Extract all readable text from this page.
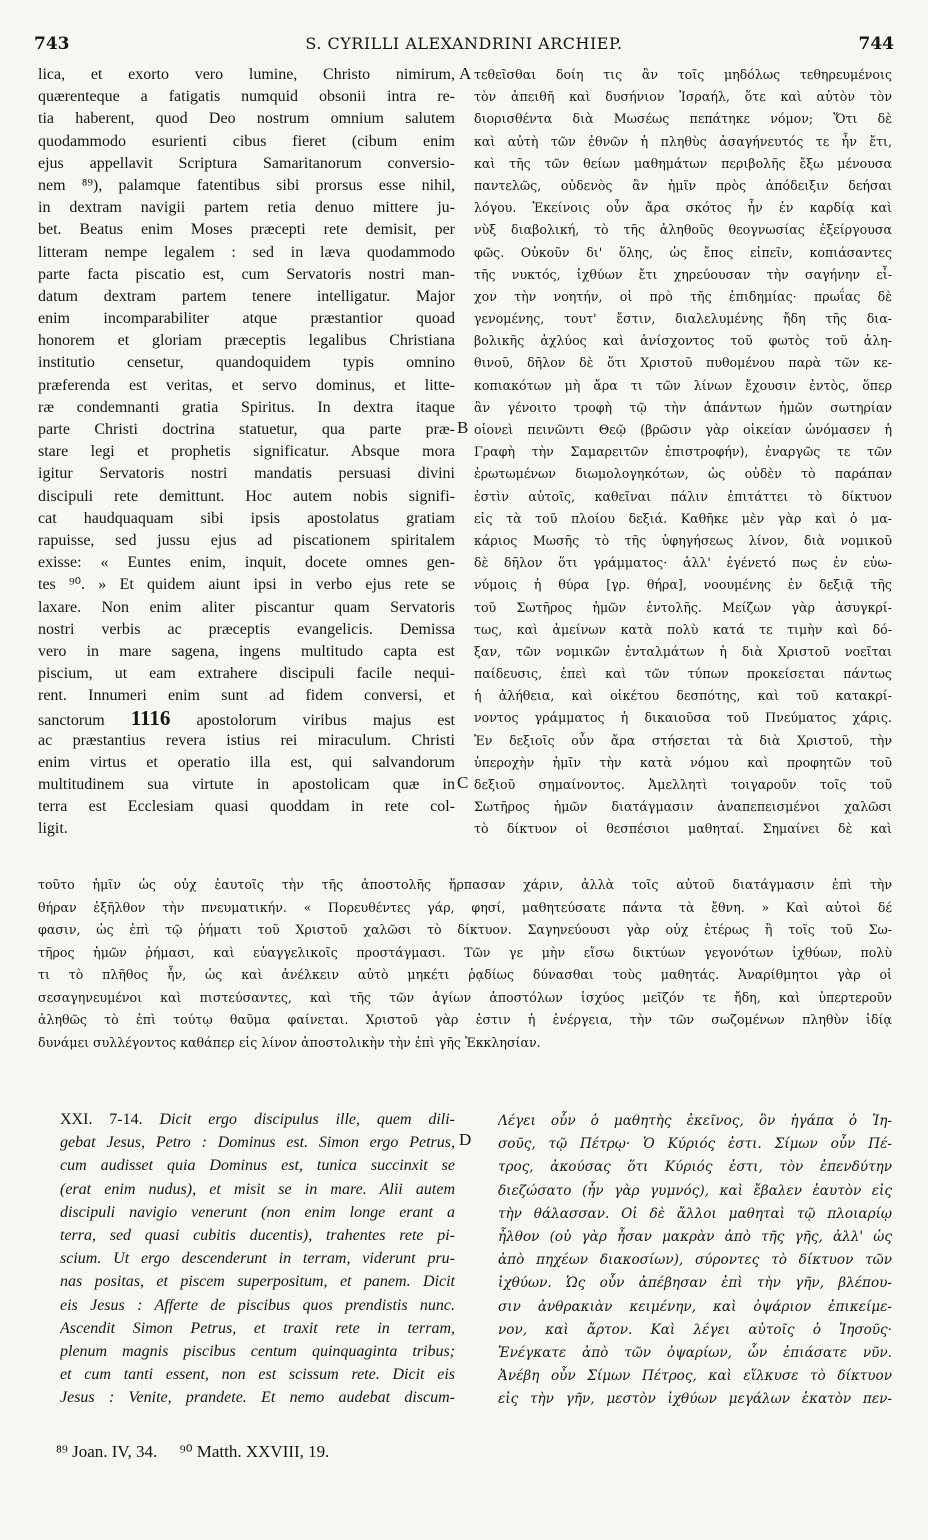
743	S. CYRILLI ALEXANDRINI ARCHIEP.	744
lica, et exorto vero lumine, Christo nimirum,
quærenteque a fatigatis numquid obsonii intra re-
tia haberent, quod Deo nostrum omnium salutem
quodammodo esurienti cibus fieret (cibum enim
ejus appellavit Scriptura Samaritanorum conversio-
nem ⁸⁹), palamque fatentibus sibi prorsus esse nihil,
in dextram navigii partem retia denuo mittere ju-
bet. Beatus enim Moses præcepti rete demisit, per
litteram nempe legalem : sed in læva quodammodo
parte facta piscatio est, cum Servatoris nostri man-
datum dextram partem tenere intelligatur. Major
enim incomparabiliter atque præstantior quoad
honorem et gloriam præceptis legalibus Christiana
institutio censetur, quandoquidem typis omnino
præferenda est veritas, et servo dominus, et litte-
ræ condemnanti gratia Spiritus. In dextra itaque
parte Christi doctrina statuetur, qua parte præ-
stare legi et prophetis significatur. Absque mora
igitur Servatoris nostri mandatis persuasi divini
discipuli rete demittunt. Hoc autem nobis signifi-
cat haudquaquam sibi ipsis apostolatus gratiam
rapuisse, sed jussu ejus ad piscationem spiritalem
exisse: « Euntes enim, inquit, docete omnes gen-
tes ⁹⁰. » Et quidem aiunt ipsi in verbo ejus rete se
laxare. Non enim aliter piscantur quam Servatoris
nostri verbis ac præceptis evangelicis. Demissa
vero in mare sagena, ingens multitudo capta est
piscium, ut eam extrahere discipuli facile nequi-
rent. Innumeri enim sunt ad fidem conversi, et
sanctorum 1116 apostolorum viribus majus est
ac præstantius revera istius rei miraculum. Christi
enim virtus et operatio illa est, qui salvandorum
multitudinem sua virtute in apostolicam quæ in
terra est Ecclesiam quasi quoddam in rete col-
ligit.
τεθεῖσθαι δοίη τις ἂν τοῖς μηδόλως τεθηρευμένοις
τὸν ἀπειθῆ καὶ δυσήνιον Ἰσραήλ, ὅτε καὶ αὐτὸν τὸν
διορισθέντα διὰ Μωσέως πεπάτηκε νόμον; Ὅτι δὲ
καὶ αὐτὴ τῶν ἐθνῶν ἡ πληθὺς ἀσαγήνευτός τε ἦν ἔτι,
καὶ τῆς τῶν θείων μαθημάτων περιβολῆς ἔξω μένουσα
παντελῶς, οὐδενὸς ἂν ἡμῖν πρὸς ἀπόδειξιν δεήσαι
λόγου. Ἐκείνοις οὖν ἄρα σκότος ἦν ἐν καρδίᾳ καὶ
νὺξ διαβολική, τὸ τῆς ἀληθοῦς θεογνωσίας ἐξείργουσα
φῶς. Οὐκοῦν δι' ὅλης, ὡς ἔπος εἰπεῖν, κοπιάσαντες
τῆς νυκτός, ἰχθύων ἔτι χηρεύουσαν τὴν σαγήνην εἶ-
χον τὴν νοητήν, οἱ πρὸ τῆς ἐπιδημίας· πρωΐας δὲ
γενομένης, τουτ' ἔστιν, διαλελυμένης ἤδη τῆς δια-
βολικῆς ἀχλύος καὶ ἀνίσχοντος τοῦ φωτὸς τοῦ ἀλη-
θινοῦ, δῆλον δὲ ὅτι Χριστοῦ πυθομένου παρὰ τῶν κε-
κοπιακότων μὴ ἄρα τι τῶν λίνων ἔχουσιν ἐντὸς, ὅπερ
ἂν γένοιτο τροφὴ τῷ τὴν ἁπάντων ἡμῶν σωτηρίαν
οἱονεὶ πεινῶντι Θεῷ (βρῶσιν γὰρ οἰκείαν ὠνόμασεν ἡ
Γραφὴ τὴν Σαμαρειτῶν ἐπιστροφήν), ἐναργῶς τε τῶν
ἐρωτωμένων διωμολογηκότων, ὡς οὐδὲν τὸ παράπαν
ἐστὶν αὐτοῖς, καθεῖναι πάλιν ἐπιτάττει τὸ δίκτυον
εἰς τὰ τοῦ πλοίου δεξιά. Καθῆκε μὲν γὰρ καὶ ὁ μα-
κάριος Μωσῆς τὸ τῆς ὑφηγήσεως λίνον, διὰ νομικοῦ
δὲ δῆλον ὅτι γράμματος· ἀλλ' ἐγένετό πως ἐν εὐω-
νύμοις ἡ θύρα [γρ. θήρα], νοουμένης ἐν δεξιᾷ τῆς
τοῦ Σωτῆρος ἡμῶν ἐντολῆς. Μείζων γὰρ ἀσυγκρί-
τως, καὶ ἀμείνων κατὰ πολὺ κατά τε τιμὴν καὶ δό-
ξαν, τῶν νομικῶν ἐνταλμάτων ἡ διὰ Χριστοῦ νοεῖται
παίδευσις, ἐπεὶ καὶ τῶν τύπων προκείσεται πάντως
ἡ ἀλήθεια, καὶ οἰκέτου δεσπότης, καὶ τοῦ κατακρί-
νοντος γράμματος ἡ δικαιοῦσα τοῦ Πνεύματος χάρις.
Ἐν δεξιοῖς οὖν ἄρα στήσεται τὰ διὰ Χριστοῦ, τὴν
ὑπεροχὴν ἡμῖν τὴν κατὰ νόμου καὶ προφητῶν τοῦ
δεξιοῦ σημαίνοντος. Ἀμελλητὶ τοιγαροῦν τοῖς τοῦ
Σωτῆρος ἡμῶν διατάγμασιν ἀναπεπεισμένοι χαλῶσι
τὸ δίκτυον οἱ θεσπέσιοι μαθηταί. Σημαίνει δὲ καὶ
A
B
C
D
τοῦτο ἡμῖν ὡς οὐχ ἑαυτοῖς τὴν τῆς ἀποστολῆς ἥρπασαν χάριν, ἀλλὰ τοῖς αὐτοῦ διατάγμασιν ἐπὶ τὴν
θήραν ἐξῆλθον τὴν πνευματικήν. « Πορευθέντες γάρ, φησί, μαθητεύσατε πάντα τὰ ἔθνη. » Καὶ αὐτοὶ δέ
φασιν, ὡς ἐπὶ τῷ ῥήματι τοῦ Χριστοῦ χαλῶσι τὸ δίκτυον. Σαγηνεύουσι γὰρ οὐχ ἑτέρως ἢ τοῖς τοῦ Σω-
τῆρος ἡμῶν ῥήμασι, καὶ εὐαγγελικοῖς προστάγμασι. Τῶν γε μὴν εἴσω δικτύων γεγονότων ἰχθύων, πολὺ
τι τὸ πλῆθος ἦν, ὡς καὶ ἀνέλκειν αὐτὸ μηκέτι ῥᾳδίως δύνασθαι τοὺς μαθητάς. Ἀναρίθμητοι γὰρ οἱ
σεσαγηνευμένοι καὶ πιστεύσαντες, καὶ τῆς τῶν ἁγίων ἀποστόλων ἰσχύος μεῖζόν τε ἤδη, καὶ ὑπερτεροῦν
ἀληθῶς τὸ ἐπὶ τούτῳ θαῦμα φαίνεται. Χριστοῦ γὰρ ἐστιν ἡ ἐνέργεια, τὴν τῶν σωζομένων πληθὺν ἰδίᾳ
δυνάμει συλλέγοντος καθάπερ εἰς λίνον ἀποστολικὴν τὴν ἐπὶ γῆς Ἐκκλησίαν.
XXI. 7-14. Dicit ergo discipulus ille, quem dili-
gebat Jesus, Petro : Dominus est. Simon ergo Petrus,
cum audisset quia Dominus est, tunica succinxit se
(erat enim nudus), et misit se in mare. Alii autem
discipuli navigio venerunt (non enim longe erant a
terra, sed quasi cubitis ducentis), trahentes rete pi-
scium. Ut ergo descenderunt in terram, viderunt pru-
nas positas, et piscem superpositum, et panem. Dicit
eis Jesus : Afferte de piscibus quos prendistis nunc.
Ascendit Simon Petrus, et traxit rete in terram,
plenum magnis piscibus centum quinquaginta tribus;
et cum tanti essent, non est scissum rete. Dicit eis
Jesus : Venite, prandete. Et nemo audebat discum-
Λέγει οὖν ὁ μαθητὴς ἐκεῖνος, ὃν ἠγάπα ὁ Ἰη-
σοῦς, τῷ Πέτρῳ· Ὁ Κύριός ἐστι. Σίμων οὖν Πέ-
τρος, ἀκούσας ὅτι Κύριός ἐστι, τὸν ἐπενδύτην
διεζώσατο (ἦν γὰρ γυμνός), καὶ ἔβαλεν ἑαυτὸν εἰς
τὴν θάλασσαν. Οἱ δὲ ἄλλοι μαθηταὶ τῷ πλοιαρίῳ
ἦλθον (οὐ γὰρ ἦσαν μακρὰν ἀπὸ τῆς γῆς, ἀλλ' ὡς
ἀπὸ πηχέων διακοσίων), σύροντες τὸ δίκτυον τῶν
ἰχθύων. Ὡς οὖν ἀπέβησαν ἐπὶ τὴν γῆν, βλέπου-
σιν ἀνθρακιὰν κειμένην, καὶ ὀψάριον ἐπικείμε-
νον, καὶ ἄρτον. Καὶ λέγει αὐτοῖς ὁ Ἰησοῦς·
Ἐνέγκατε ἀπὸ τῶν ὀψαρίων, ὧν ἐπιάσατε νῦν.
Ἀνέβη οὖν Σίμων Πέτρος, καὶ εἵλκυσε τὸ δίκτυον
εἰς τὴν γῆν, μεστὸν ἰχθύων μεγάλων ἑκατὸν πεν-
⁸⁹ Joan. IV, 34. ⁹⁰ Matth. XXVIII, 19.
